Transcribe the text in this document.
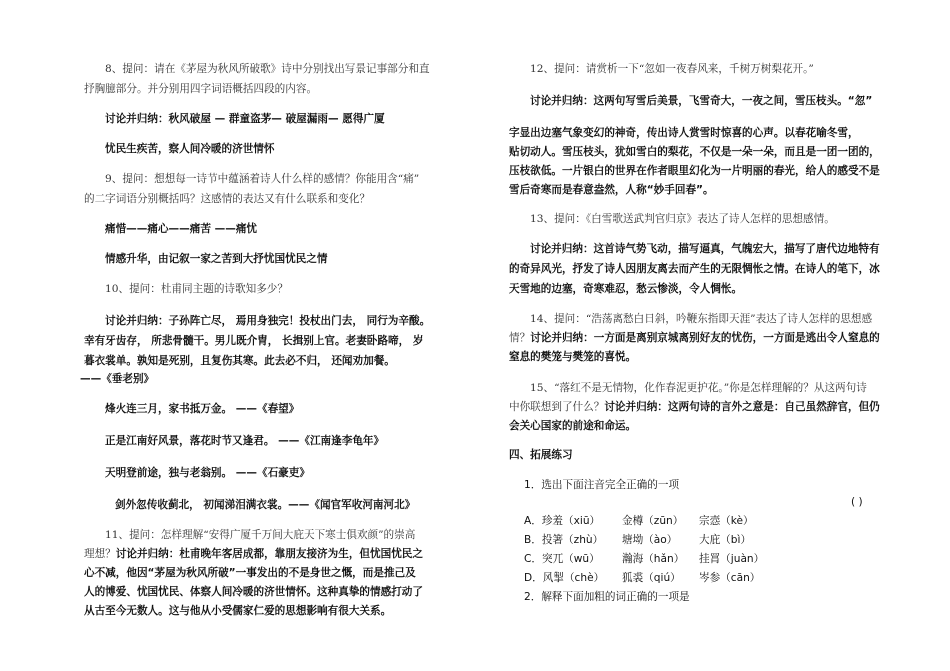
8、提问：请在《茅屋为秋风所破歌》诗中分别找出写景记事部分和直
抒胸臆部分。并分别用四字词语概括四段的内容。
讨论并归纳：秋风破屋 — 群童盗茅— 破屋漏雨— 愿得广厦
忧民生疾苦，察人间冷暖的济世情怀
9、提问：想想每一诗节中蕴涵着诗人什么样的感情？你能用含“痛”
的二字词语分别概括吗？这感情的表达又有什么联系和变化？
痛惜——痛心——痛苦 ——痛忧
情感升华，由记叙一家之苦到大抒忧国忧民之情
10、提问：杜甫同主题的诗歌知多少？
讨论并归纳：子孙阵亡尽， 焉用身独完！投杖出门去， 同行为辛酸。
幸有牙齿存， 所悲骨髓干。男儿既介胄， 长揖别上官。老妻卧路啼， 岁
暮衣裳单。孰知是死别，且复伤其寒。此去必不归， 还闻劝加餐。
——《垂老别》
烽火连三月，家书抵万金。 ——《春望》
正是江南好风景，落花时节又逢君。 ——《江南逢李龟年》
天明登前途，独与老翁别。 ——《石豪吏》
剑外忽传收蓟北， 初闻涕泪满衣裳。——《闻官军收河南河北》
11、提问：怎样理解“安得广厦千万间大庇天下寒士俱欢颜”的崇高
理想？讨论并归纳：杜甫晚年客居成都，靠朋友接济为生，但忧国忧民之
心不减，他因“茅屋为秋风所破”一事发出的不是身世之慨，而是推己及
人的博爱、忧国忧民、体察人间冷暖的济世情怀。这种真挚的情感打动了
从古至今无数人。这与他从小受儒家仁爱的思想影响有很大关系。
12、提问：请赏析一下“忽如一夜春风来，千树万树梨花开。”
讨论并归纳：这两句写雪后美景，飞雪奇大，一夜之间，雪压枝头。“忽”
字显出边塞气象变幻的神奇，传出诗人赏雪时惊喜的心声。以春花喻冬雪，
贴切动人。雪压枝头，犹如雪白的梨花，不仅是一朵一朵，而且是一团一团的，
压枝欲低。一片银白的世界在作者眼里幻化为一片明丽的春光，给人的感受不是
雪后奇寒而是春意盎然，人称“妙手回春”。
13、提问：《白雪歌送武判官归京》表达了诗人怎样的思想感情。
讨论并归纳：这首诗气势飞动，描写逼真，气魄宏大，描写了唐代边地特有
的奇异风光，抒发了诗人因朋友离去而产生的无限惆怅之情。在诗人的笔下，冰
天雪地的边塞，奇寒难忍，愁云惨淡，令人惆怅。
14、提问：“浩荡离愁白日斜，吟鞭东指即天涯”表达了诗人怎样的思想感
情？讨论并归纳：一方面是离别京城离别好友的忧伤，一方面是逃出令人窒息的
窒息的樊笼与樊笼的喜悦。
15、“落红不是无情物，化作春泥更护花。”你是怎样理解的？从这两句诗
中你联想到了什么？讨论并归纳：这两句诗的言外之意是：自己虽然辞官，但仍
会关心国家的前途和命运。
四、拓展练习
1．选出下面注音完全正确的一项
( )
A．珍羞（xiū） 金樽（zūn） 宗悫（kè）
B．投箸（zhù） 塘坳（ào） 大庇（bì）
C．突兀（wū） 瀚海（hǎn） 挂罥（juàn）
D．风掣（chè） 狐裘（qiú） 岑参（cān）
2．解释下面加粗的词正确的一项是
